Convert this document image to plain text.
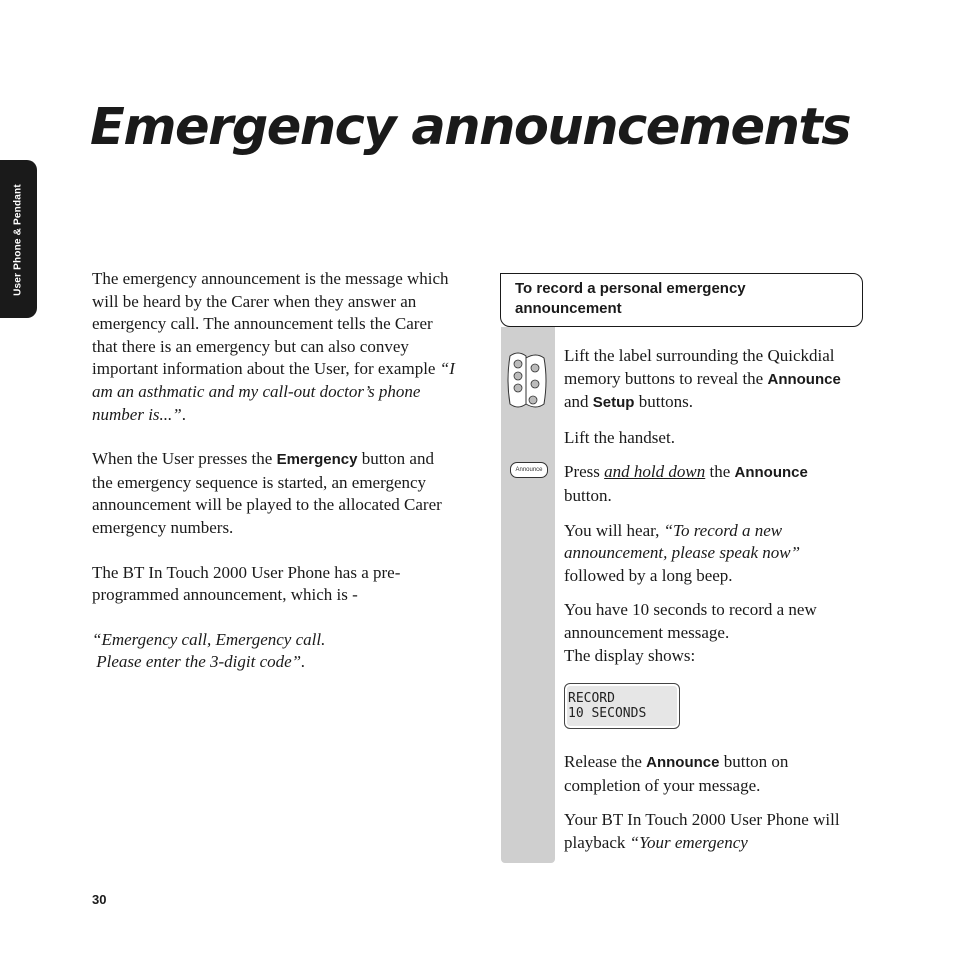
User Phone & Pendant
Emergency announcements

The emergency announcement is the message which will be heard by the Carer when they answer an emergency call. The announcement tells the Carer that there is an emergency but can also convey important information about the User, for example “I am an asthmatic and my call-out doctor’s phone number is...”.

When the User presses the Emergency button and the emergency sequence is started, an emergency announcement will be played to the allocated Carer emergency numbers.

The BT In Touch 2000 User Phone has a pre-programmed announcement, which is -

“Emergency call, Emergency call.
Please enter the 3-digit code”.

To record a personal emergency announcement
Announce

Lift the label surrounding the Quickdial memory buttons to reveal the Announce and Setup buttons.

Lift the handset.

Press and hold down the Announce button.

You will hear, “To record a new announcement, please speak now” followed by a long beep.

You have 10 seconds to record a new announcement message.
The display shows:

RECORD
10 SECONDS

Release the Announce button on completion of your message.

Your BT In Touch 2000 User Phone will playback “Your emergency

30
